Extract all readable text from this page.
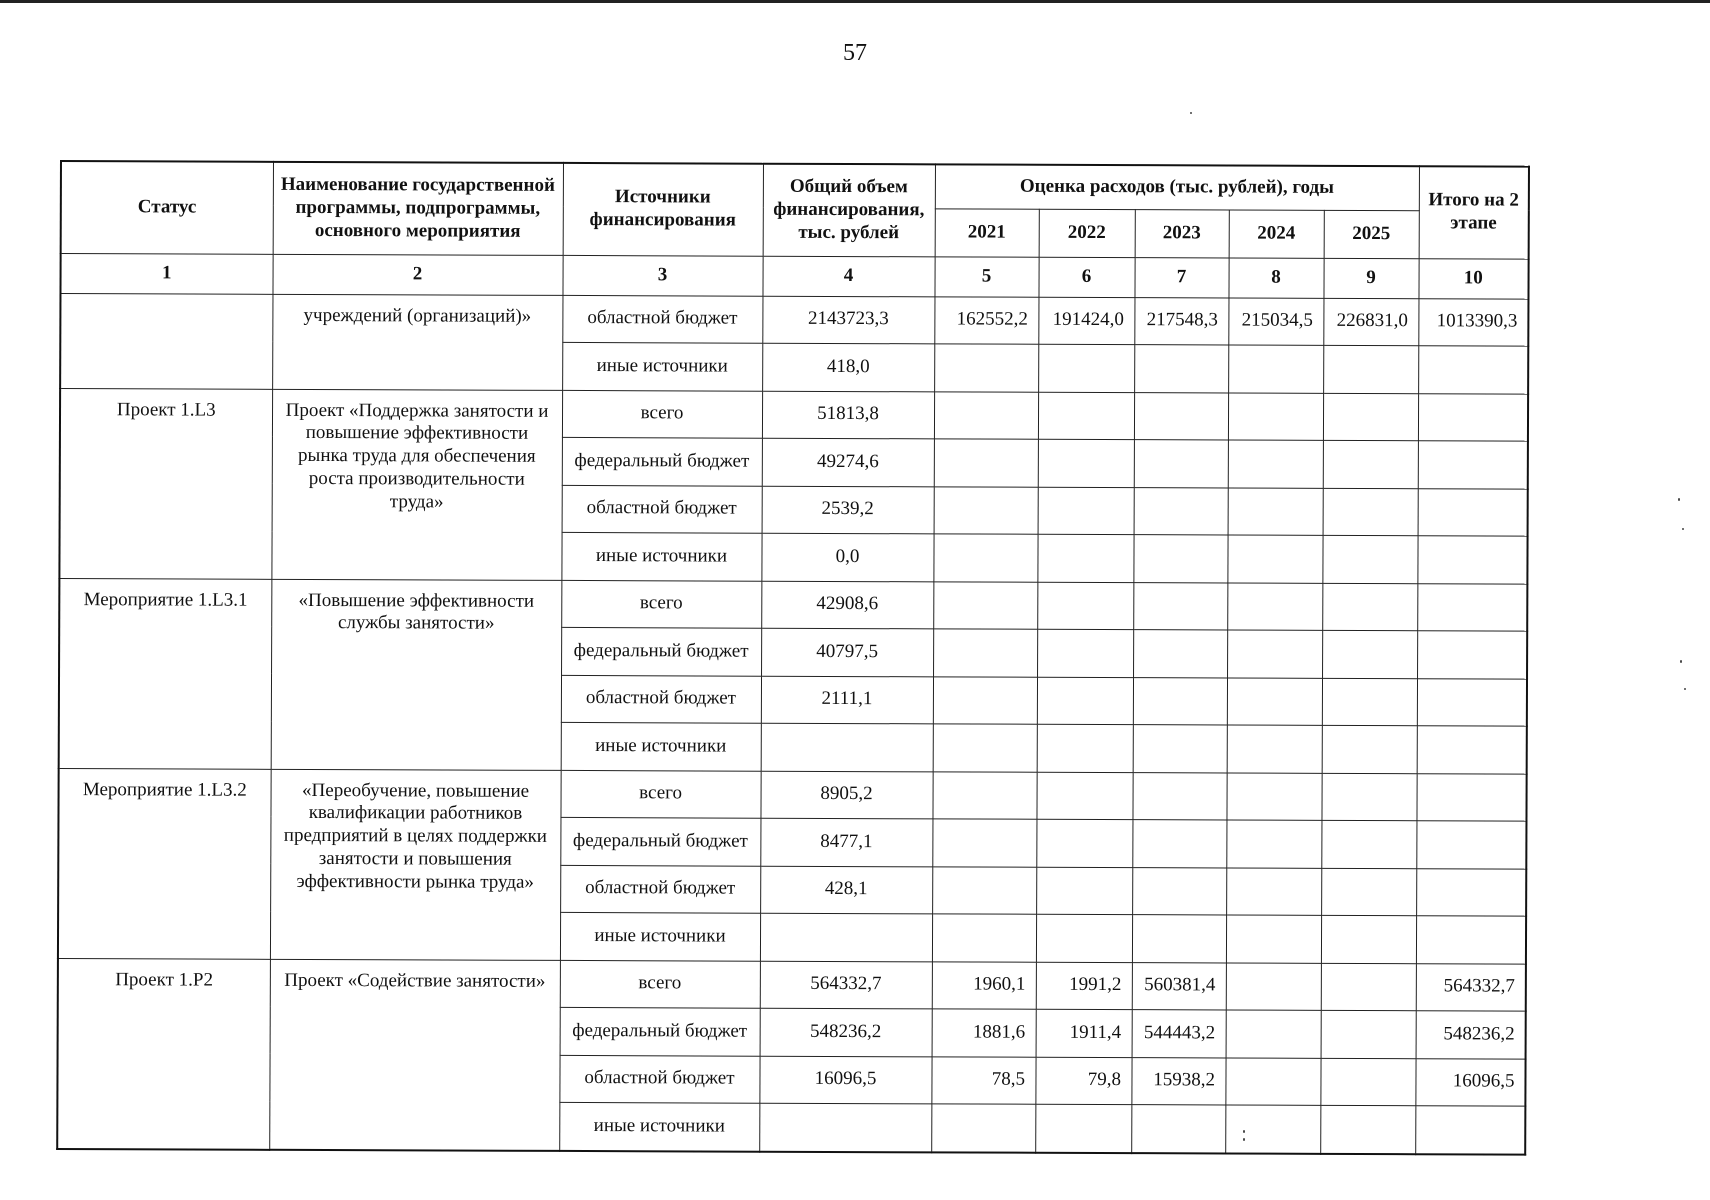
57
Статус	Наименование государственной программы, подпрограммы, основного мероприятия	Источники финансирования	Общий объем финансирования, тыс. рублей	Оценка расходов (тыс. рублей), годы					Итого на 2 этапе
				2021	2022	2023	2024	2025	
1	2	3	4	5	6	7	8	9	10
	учреждений (организаций)»	областной бюджет	2143723,3	162552,2	191424,0	217548,3	215034,5	226831,0	1013390,3
		иные источники	418,0						
Проект 1.L3	Проект «Поддержка занятости и повышение эффективности рынка труда для обеспечения роста производительности труда»	всего	51813,8						
		федеральный бюджет	49274,6						
		областной бюджет	2539,2						
		иные источники	0,0						
Мероприятие 1.L3.1	«Повышение эффективности службы занятости»	всего	42908,6						
		федеральный бюджет	40797,5						
		областной бюджет	2111,1						
		иные источники							
Мероприятие 1.L3.2	«Переобучение, повышение квалификации работников предприятий в целях поддержки занятости и повышения эффективности рынка труда»	всего	8905,2						
		федеральный бюджет	8477,1						
		областной бюджет	428,1						
		иные источники							
Проект 1.Р2	Проект «Содействие занятости»	всего	564332,7	1960,1	1991,2	560381,4			564332,7
		федеральный бюджет	548236,2	1881,6	1911,4	544443,2			548236,2
		областной бюджет	16096,5	78,5	79,8	15938,2			16096,5
		иные источники							
